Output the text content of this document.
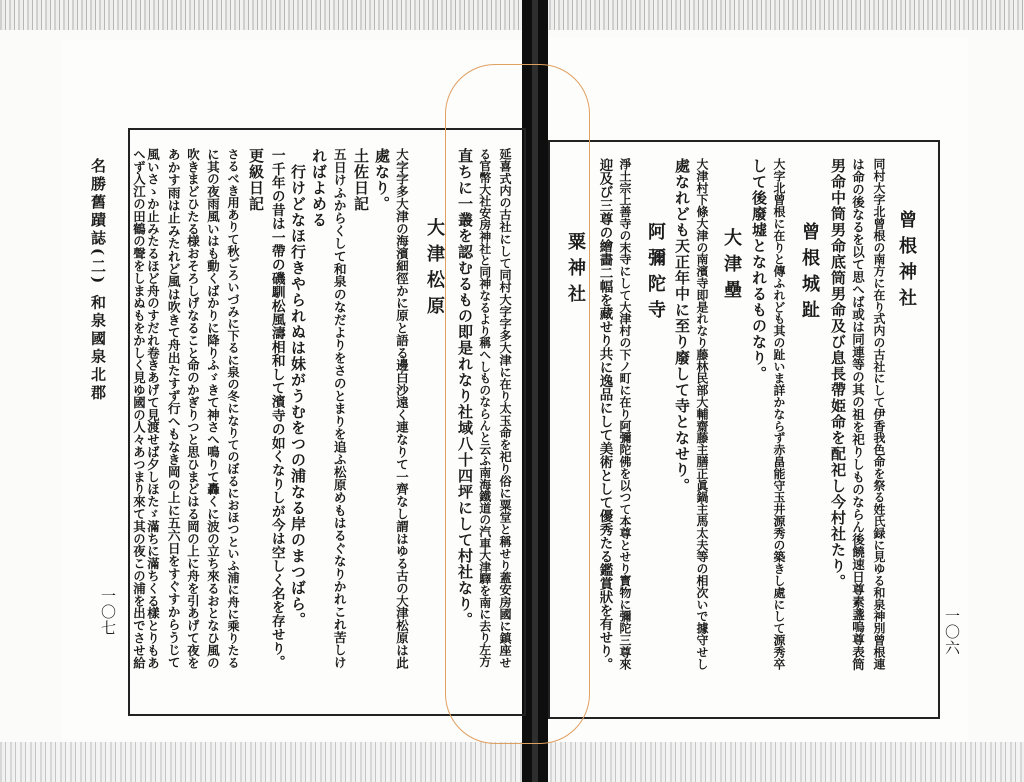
名勝舊蹟誌(二) 和泉國泉北郡
一〇七	一〇六
延喜式内の古社にして同村大字字多大津に在り太玉命を祀り俗に粟堂と稱せり蓋安房國に鎮座せ
る官幣大社安房神社と同神なるより稱へしものならんと云ふ南海鐵道の汽車大津驛を南に去り左方
直ちに一叢を認むるもの即是れなり社域八十四坪にして村社なり。
大津松原
大字字多大津の海濱細徑かに原と語る邊白沙遠く連なりて一齊なし謂はゆる古の大津松原は此
處なり。
土佐日記
五日けふからくして和泉のなだよりをさのとまりを追ふ松原めもはるぐなりかれこれ苦しけ
ればよめる
　行けどなほ行きやられぬは妹がうむをつの浦なる岸のまつばら。
一千年の昔は一帶の磯馴松風濤相和して濱寺の如くなりしが今は空しく名を存せり。
更級日記
さるべき用ありて秋ごろいづみに下るに泉の冬になりてのぼるにおほつといふ浦に舟に乘りたる
に其の夜雨風いはも動くばかりに降りふゞきて神さへ鳴りて轟くに波の立ち來るおとなひ風の
吹きまどひたる様おそろしげなること命のかぎりつと思ひまどはる岡の上に舟を引あげて夜を
あかす雨は止みたれど風は吹きて舟出たすず行へもなき岡の上に五六日をすぐすからうじて
風いさゝか止みたるほど舟のすだれ卷きあげて見渡せば夕しほたゞ滿ちに滿ちくる樣とりもあ
へず入江の田鶴の聲をしまぬもをかしく見ゆ國の人々あつまり來て其の夜この浦を出でさせ給	曾根神社
同村大字北曾根の南方に在り式内の古社にして伊香我色命を祭る姓氏録に見ゆる和泉神別曾根連
は命の後なるを以て思へば或は同連等の其の祖を祀りしものならん後饒速日尊素盞嗚尊表筒
男命中筒男命底筒男命及び息長帶姫命を配祀し今村社たり。
曾根城趾
大字北曾根に在りと傳ふれども其の趾いま詳かならず赤畠能守玉井源秀の築きし處にして源秀卒
して後廢墟となれるものなり。
大津壘
大津村下條大津の南濱寺即是れなり藤林民部大輔齋藤主膳正眞鍋主馬太夫等の相次いで據守せし
處なれども天正年中に至り廢して寺となせり。
阿彌陀寺
淨土宗上善寺の末寺にして大津村の下ノ町に在り阿彌陀佛を以つて本尊とせり寳物に彌陀三尊來
迎及び三尊の繪畵二幅を藏せり共に逸品にして美術として優秀たる鑑賞狀を有せり。
粟神社
